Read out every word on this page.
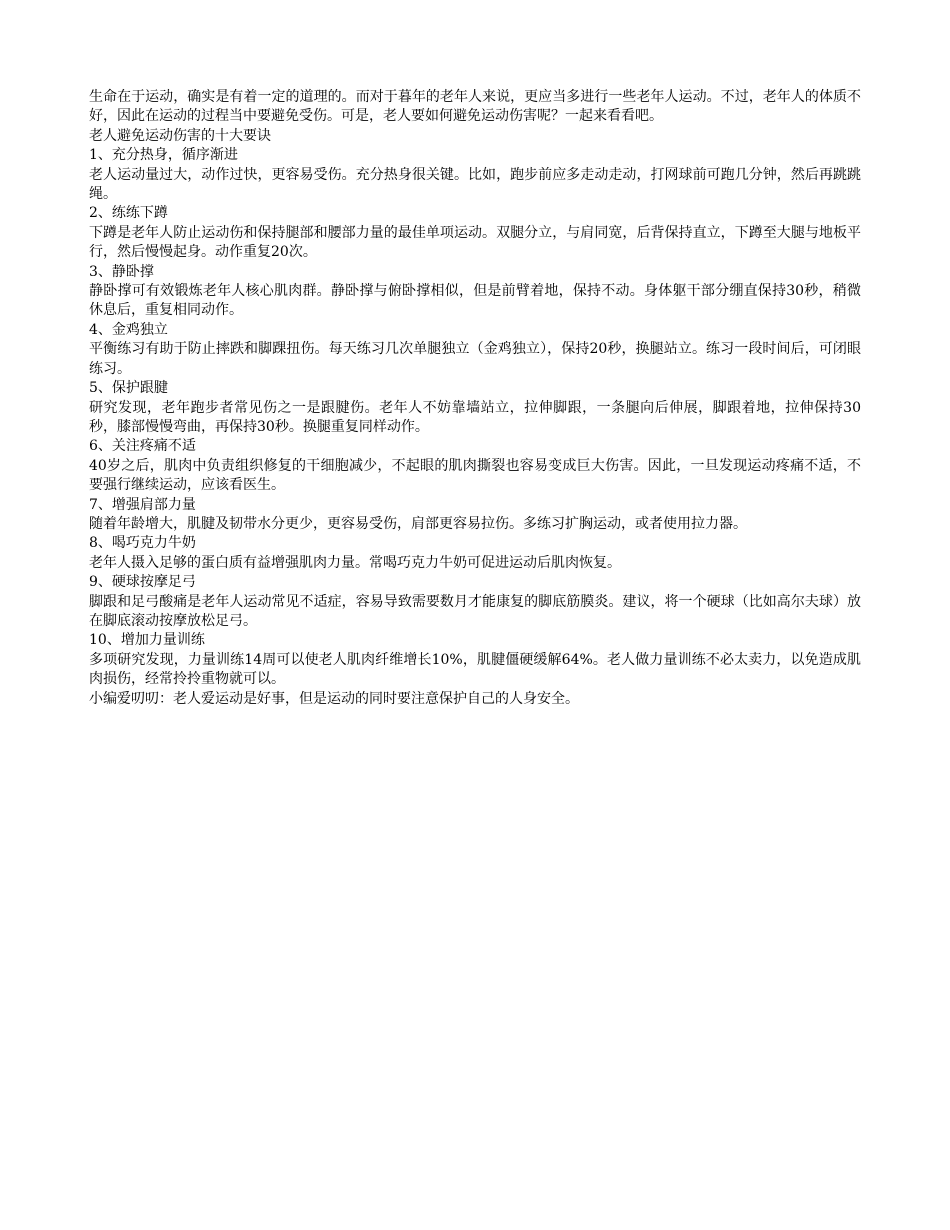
生命在于运动，确实是有着一定的道理的。而对于暮年的老年人来说，更应当多进行一些老年人运动。不过，老年人的体质不好，因此在运动的过程当中要避免受伤。可是，老人要如何避免运动伤害呢？一起来看看吧。

老人避免运动伤害的十大要诀

1、充分热身，循序渐进

老人运动量过大，动作过快，更容易受伤。充分热身很关键。比如，跑步前应多走动走动，打网球前可跑几分钟，然后再跳跳绳。

2、练练下蹲

下蹲是老年人防止运动伤和保持腿部和腰部力量的最佳单项运动。双腿分立，与肩同宽，后背保持直立，下蹲至大腿与地板平行，然后慢慢起身。动作重复20次。

3、静卧撑

静卧撑可有效锻炼老年人核心肌肉群。静卧撑与俯卧撑相似，但是前臂着地，保持不动。身体躯干部分绷直保持30秒，稍微休息后，重复相同动作。

4、金鸡独立

平衡练习有助于防止摔跌和脚踝扭伤。每天练习几次单腿独立（金鸡独立），保持20秒，换腿站立。练习一段时间后，可闭眼练习。

5、保护跟腱

研究发现，老年跑步者常见伤之一是跟腱伤。老年人不妨靠墙站立，拉伸脚跟，一条腿向后伸展，脚跟着地，拉伸保持30秒，膝部慢慢弯曲，再保持30秒。换腿重复同样动作。

6、关注疼痛不适

40岁之后，肌肉中负责组织修复的干细胞减少，不起眼的肌肉撕裂也容易变成巨大伤害。因此，一旦发现运动疼痛不适，不要强行继续运动，应该看医生。

7、增强肩部力量

随着年龄增大，肌腱及韧带水分更少，更容易受伤，肩部更容易拉伤。多练习扩胸运动，或者使用拉力器。

8、喝巧克力牛奶

老年人摄入足够的蛋白质有益增强肌肉力量。常喝巧克力牛奶可促进运动后肌肉恢复。

9、硬球按摩足弓

脚跟和足弓酸痛是老年人运动常见不适症，容易导致需要数月才能康复的脚底筋膜炎。建议，将一个硬球（比如高尔夫球）放在脚底滚动按摩放松足弓。

10、增加力量训练

多项研究发现，力量训练14周可以使老人肌肉纤维增长10%，肌腱僵硬缓解64%。老人做力量训练不必太卖力，以免造成肌肉损伤，经常拎拎重物就可以。

小编爱叨叨：老人爱运动是好事，但是运动的同时要注意保护自己的人身安全。
